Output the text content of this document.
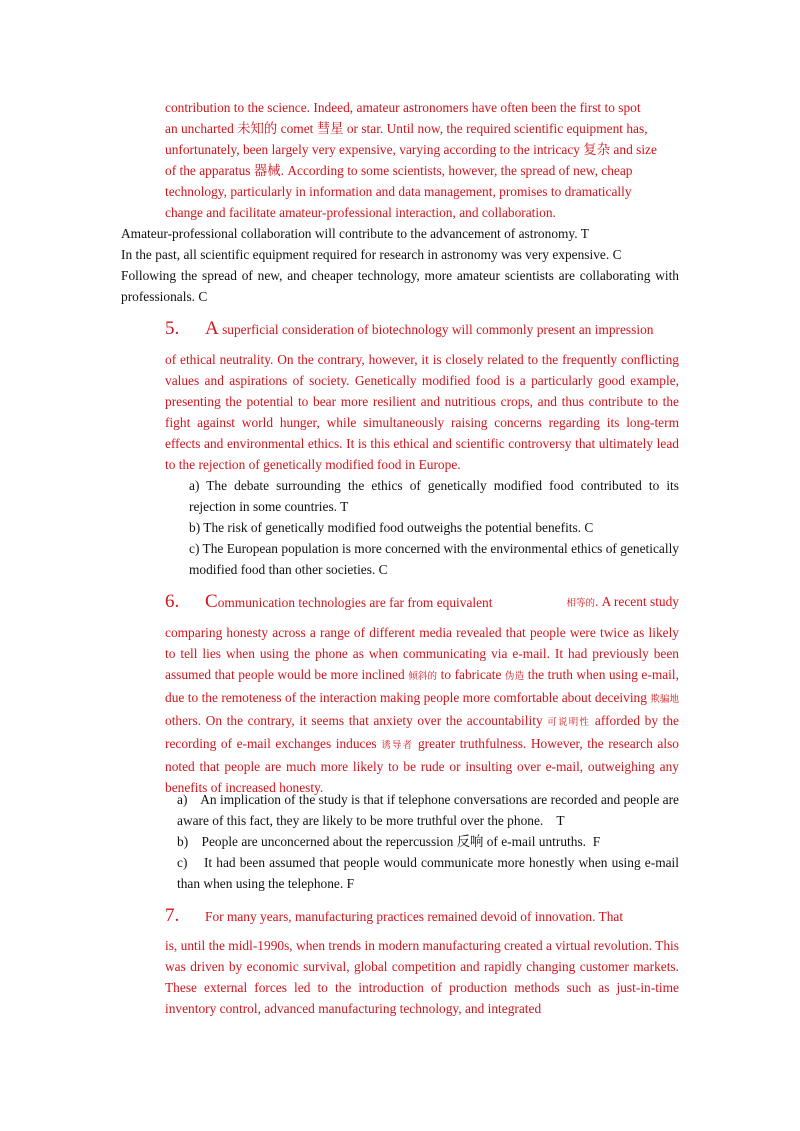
contribution to the science. Indeed, amateur astronomers have often been the first to spot
an uncharted 未知的 comet 彗星 or star. Until now, the required scientific equipment has,
unfortunately, been largely very expensive, varying according to the intricacy 复杂 and size
of the apparatus 器械. According to some scientists, however, the spread of new, cheap
technology, particularly in information and data management, promises to dramatically
change and facilitate amateur-professional interaction, and collaboration.
Amateur-professional collaboration will contribute to the advancement of astronomy. T
In the past, all scientific equipment required for research in astronomy was very expensive. C
Following the spread of new, and cheaper technology, more amateur scientists are collaborating with professionals. C
5. A superficial consideration of biotechnology will commonly present an impression
of ethical neutrality. On the contrary, however, it is closely related to the frequently conflicting values and aspirations of society. Genetically modified food is a particularly good example, presenting the potential to bear more resilient and nutritious crops, and thus contribute to the fight against world hunger, while simultaneously raising concerns regarding its long-term effects and environmental ethics. It is this ethical and scientific controversy that ultimately lead to the rejection of genetically modified food in Europe.
a) The debate surrounding the ethics of genetically modified food contributed to its rejection in some countries. T
b) The risk of genetically modified food outweighs the potential benefits. C
c) The European population is more concerned with the environmental ethics of genetically modified food than other societies. C
6. Communication technologies are far from equivalent	相等的. A recent study
comparing honesty across a range of different media revealed that people were twice as likely to tell lies when using the phone as when communicating via e-mail. It had previously been assumed that people would be more inclined 倾斜的 to fabricate 伪造 the truth when using e-mail, due to the remoteness of the interaction making people more comfortable about deceiving 欺骗地 others. On the contrary, it seems that anxiety over the accountability 可说明性 afforded by the recording of e-mail exchanges induces 诱导者 greater truthfulness. However, the research also noted that people are much more likely to be rude or insulting over e-mail, outweighing any benefits of increased honesty.
a)    An implication of the study is that if telephone conversations are recorded and people are aware of this fact, they are likely to be more truthful over the phone.    T
b)    People are unconcerned about the repercussion 反响 of e-mail untruths.  F
c)    It had been assumed that people would communicate more honestly when using e-mail than when using the telephone. F
7. For many years, manufacturing practices remained devoid of innovation. That
is, until the midl-1990s, when trends in modern manufacturing created a virtual revolution. This was driven by economic survival, global competition and rapidly changing customer markets. These external forces led to the introduction of production methods such as just-in-time inventory control, advanced manufacturing technology, and integrated
